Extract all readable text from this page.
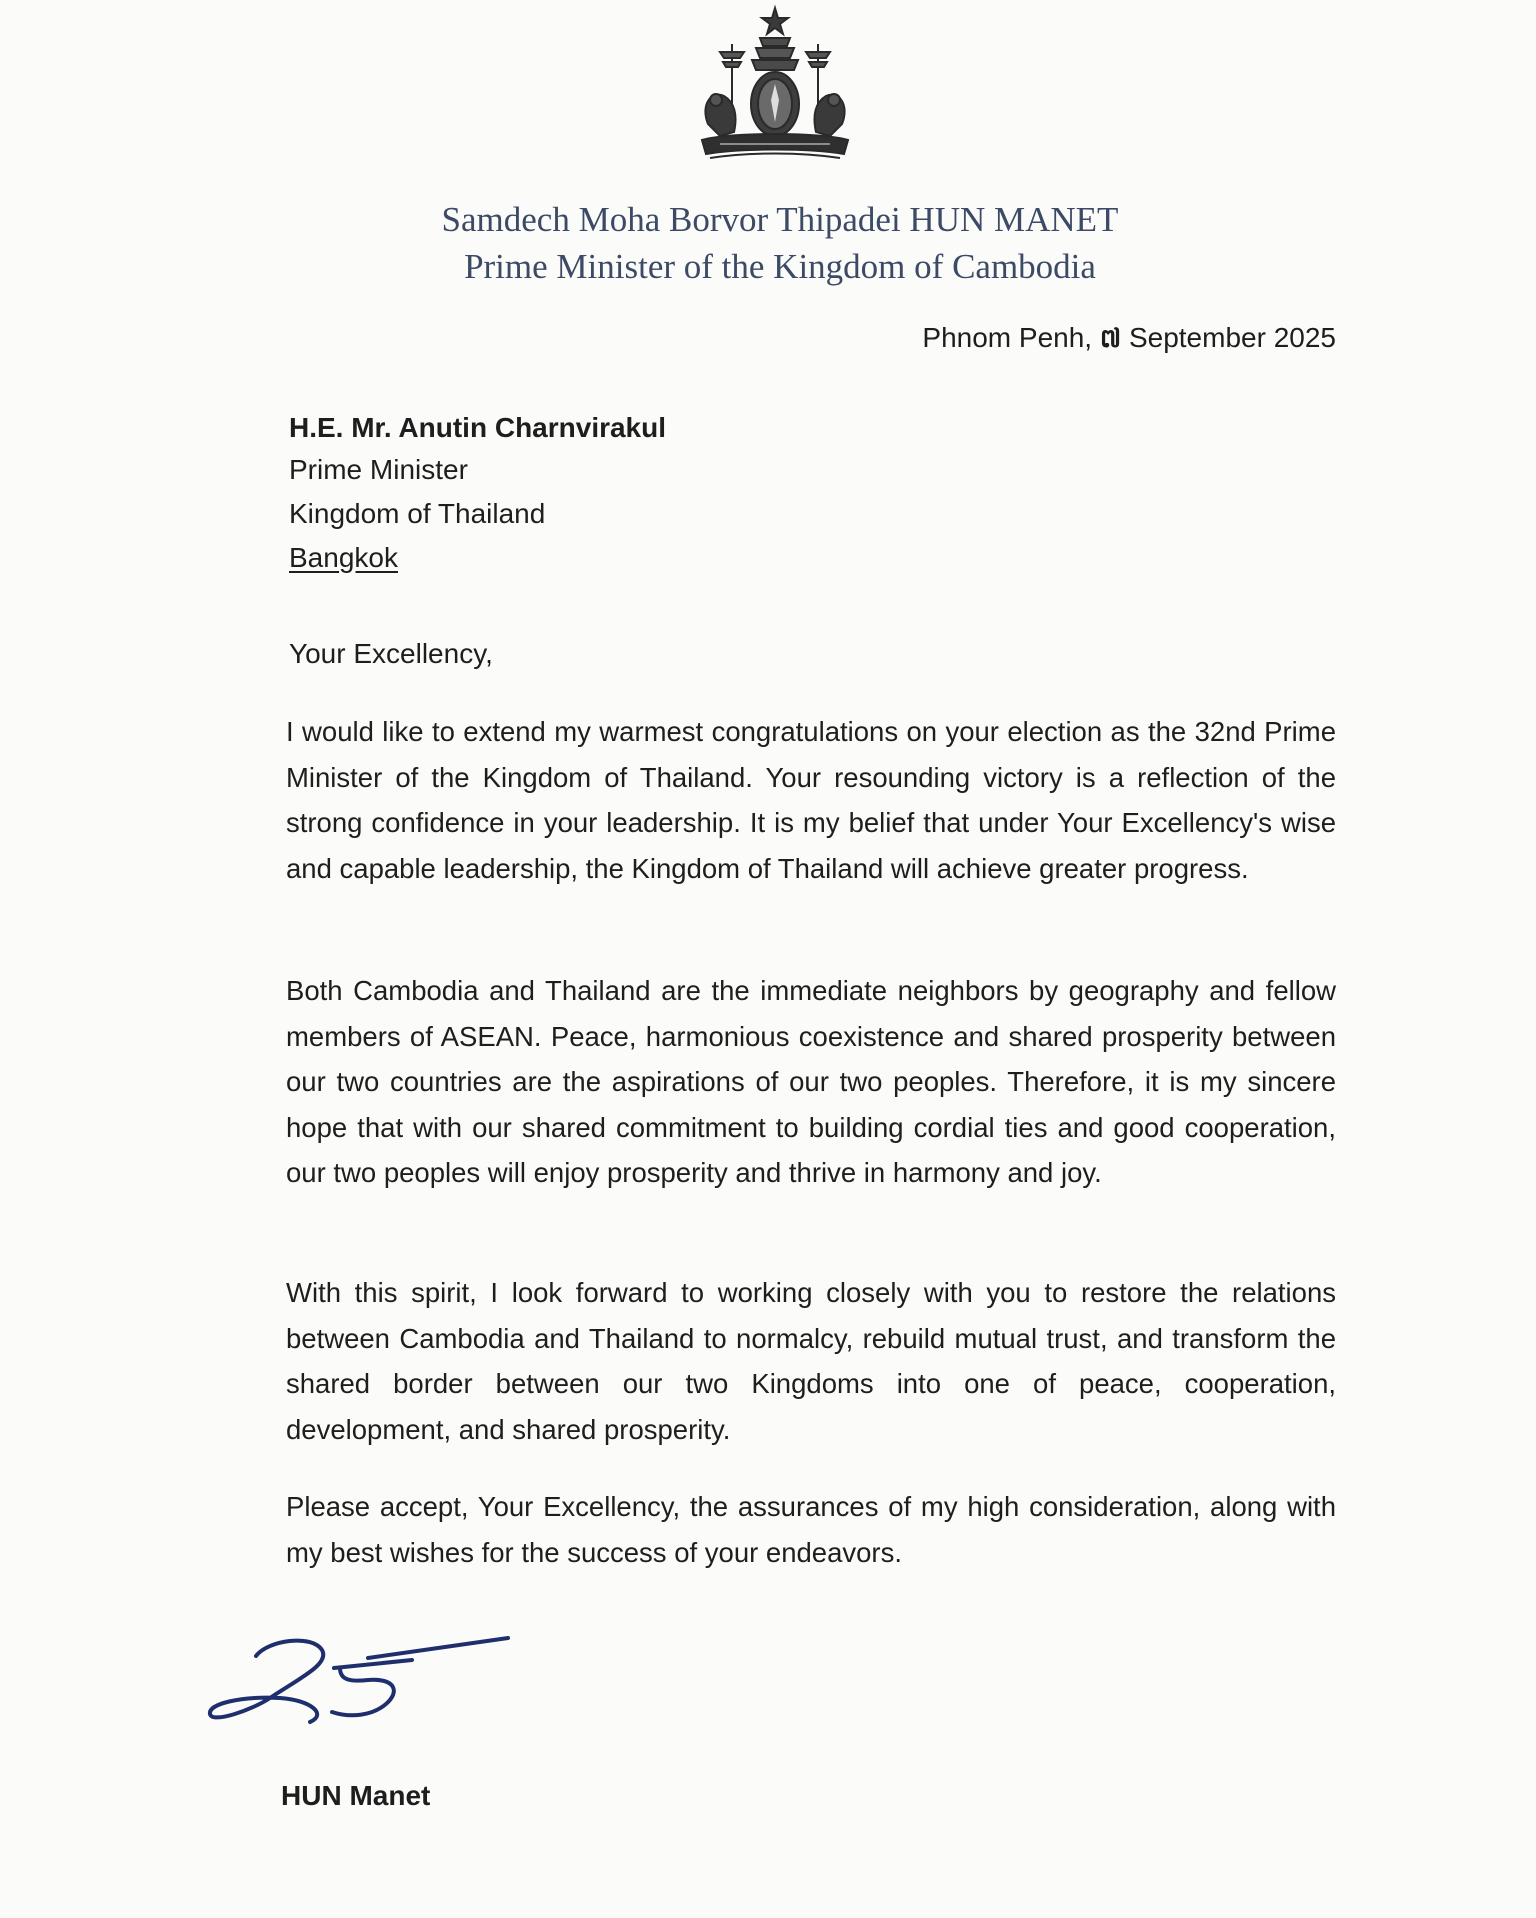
Samdech Moha Borvor Thipadei HUN MANET
Prime Minister of the Kingdom of Cambodia
Phnom Penh, ៧ September 2025
H.E. Mr. Anutin Charnvirakul
Prime Minister
Kingdom of Thailand
Bangkok
Your Excellency,

I would like to extend my warmest congratulations on your election as the 32nd Prime Minister of the Kingdom of Thailand. Your resounding victory is a reflection of the strong confidence in your leadership. It is my belief that under Your Excellency's wise and capable leadership, the Kingdom of Thailand will achieve greater progress.

Both Cambodia and Thailand are the immediate neighbors by geography and fellow members of ASEAN. Peace, harmonious coexistence and shared prosperity between our two countries are the aspirations of our two peoples. Therefore, it is my sincere hope that with our shared commitment to building cordial ties and good cooperation, our two peoples will enjoy prosperity and thrive in harmony and joy.

With this spirit, I look forward to working closely with you to restore the relations between Cambodia and Thailand to normalcy, rebuild mutual trust, and transform the shared border between our two Kingdoms into one of peace, cooperation, development, and shared prosperity.

Please accept, Your Excellency, the assurances of my high consideration, along with my best wishes for the success of your endeavors.

HUN Manet
